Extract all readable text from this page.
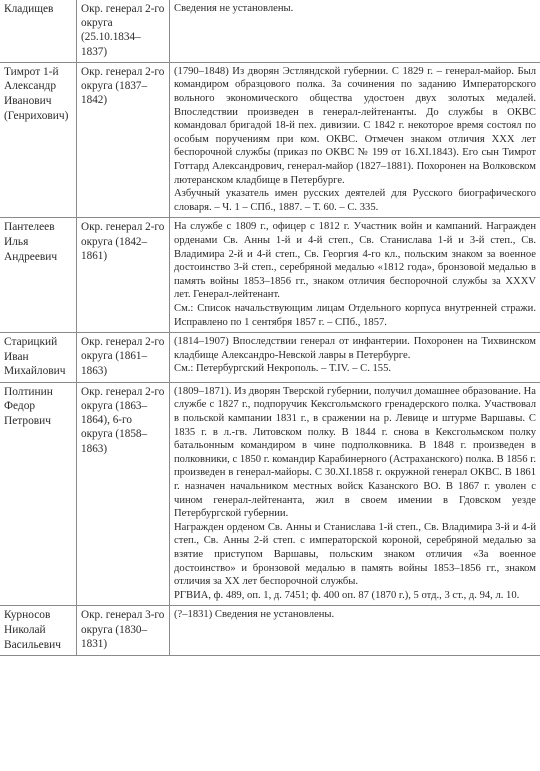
Кладищев	Окр. генерал 2-го округа (25.10.1834–1837)	Сведения не установлены.

Тимрот 1-й Александр Иванович (Генрихович)	Окр. генерал 2-го округа (1837–1842)	(1790–1848) Из дворян Эстляндской губернии. С 1829 г. – генерал-майор. Был командиром образцового полка. За сочинения по заданию Императорского вольного экономического общества удостоен двух золотых медалей. Впоследствии произведен в генерал-лейтенанты. До службы в ОКВС командовал бригадой 18-й пех. дивизии. С 1842 г. некоторое время состоял по особым поручениям при ком. ОКВС. Отмечен знаком отличия XXX лет беспорочной службы (приказ по ОКВС № 199 от 16.XI.1843). Его сын Тимрот Готтард Александрович, генерал-майор (1827–1881). Похоронен на Волковском лютеранском кладбище в Петербурге.
Азбучный указатель имен русских деятелей для Русского биографического словаря. – Ч. 1 – СПб., 1887. – Т. 60. – С. 335.

Пантелеев Илья Андреевич	Окр. генерал 2-го округа (1842–1861)	На службе с 1809 г., офицер с 1812 г. Участник войн и кампаний. Награжден орденами Св. Анны 1-й и 4-й степ., Св. Станислава 1-й и 3-й степ., Св. Владимира 2-й и 4-й степ., Св. Георгия 4-го кл., польским знаком за военное достоинство 3-й степ., серебряной медалью «1812 года», бронзовой медалью в память войны 1853–1856 гг., знаком отличия беспорочной службы за XXXV лет. Генерал-лейтенант.
См.: Список начальствующим лицам Отдельного корпуса внутренней стражи. Исправлено по 1 сентября 1857 г. – СПб., 1857.

Старицкий Иван Михайлович	Окр. генерал 2-го округа (1861–1863)	(1814–1907) Впоследствии генерал от инфантерии. Похоронен на Тихвинском кладбище Александро-Невской лавры в Петербурге.
См.: Петербургский Некрополь. – Т.IV. – С. 155.

Полтинин Федор Петрович	Окр. генерал 2-го округа (1863–1864), 6-го округа (1858–1863)	(1809–1871). Из дворян Тверской губернии, получил домашнее образование. На службе с 1827 г., подпоручик Кексгольмского гренадерского полка. Участвовал в польской кампании 1831 г., в сражении на р. Левице и штурме Варшавы. С 1835 г. в л.-гв. Литовском полку. В 1844 г. снова в Кексгольмском полку батальонным командиром в чине подполковника. В 1848 г. произведен в полковники, с 1850 г. командир Карабинерного (Астраханского) полка. В 1856 г. произведен в генерал-майоры. С 30.XI.1858 г. окружной генерал ОКВС. В 1861 г. назначен начальником местных войск Казанского ВО. В 1867 г. уволен с чином генерал-лейтенанта, жил в своем имении в Гдовском уезде Петербургской губернии.
Награжден орденом Св. Анны и Станислава 1-й степ., Св. Владимира 3-й и 4-й степ., Св. Анны 2-й степ. с императорской короной, серебряной медалью за взятие приступом Варшавы, польским знаком отличия «За военное достоинство» и бронзовой медалью в память войны 1853–1856 гг., знаком отличия за XX лет беспорочной службы.
РГВИА, ф. 489, оп. 1, д. 7451; ф. 400 оп. 87 (1870 г.), 5 отд., 3 ст., д. 94, л. 10.

Курносов Николай Васильевич	Окр. генерал 3-го округа (1830–1831)	(?–1831) Сведения не установлены.
